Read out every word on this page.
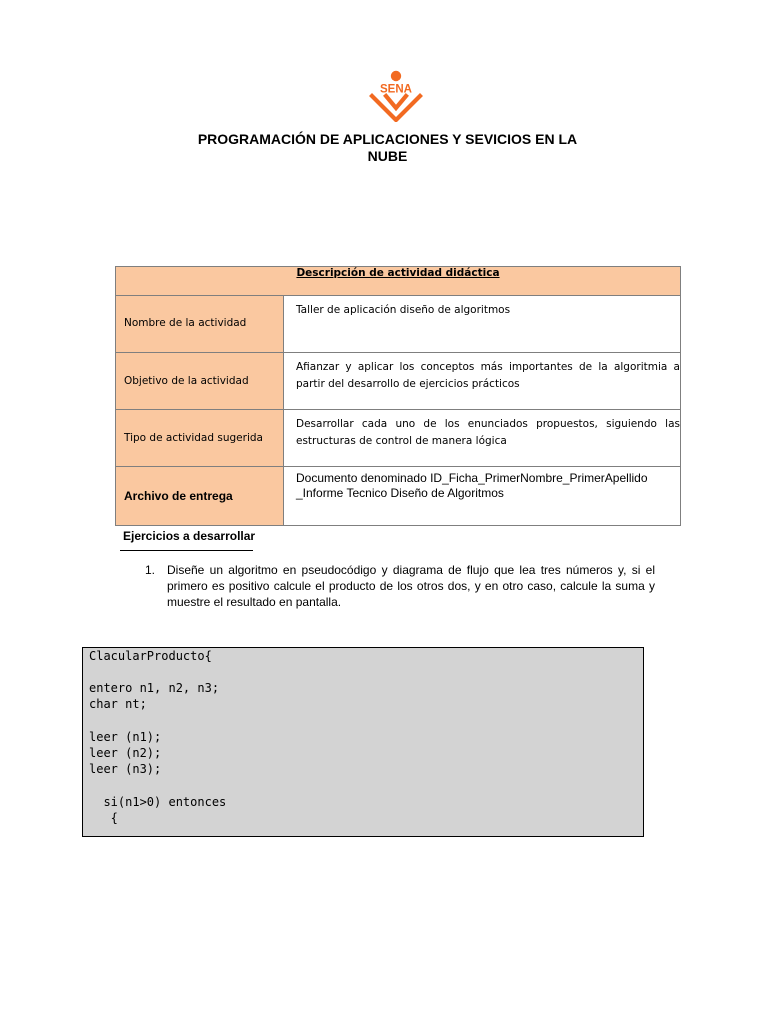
SENA
PROGRAMACIÓN DE APLICACIONES Y SEVICIOS EN LA
NUBE
Descripción de actividad didáctica
Nombre de la actividad
Taller de aplicación diseño de algoritmos
Objetivo de la actividad
Afianzar y aplicar los conceptos más importantes de la algoritmia a partir del desarrollo de ejercicios prácticos
Tipo de actividad sugerida
Desarrollar cada uno de los enunciados propuestos, siguiendo las estructuras de control de manera lógica
Archivo de entrega
Documento denominado ID_Ficha_PrimerNombre_PrimerApellido
_Informe Tecnico Diseño de Algoritmos
Ejercicios a desarrollar
1. Diseñe un algoritmo en pseudocódigo y diagrama de flujo que lea tres números y, si el primero es positivo calcule el producto de los otros dos, y en otro caso, calcule la suma y muestre el resultado en pantalla.
ClacularProducto{
entero n1, n2, n3;
char nt;
leer (n1);
leer (n2);
leer (n3);
si(n1>0) entonces
{
